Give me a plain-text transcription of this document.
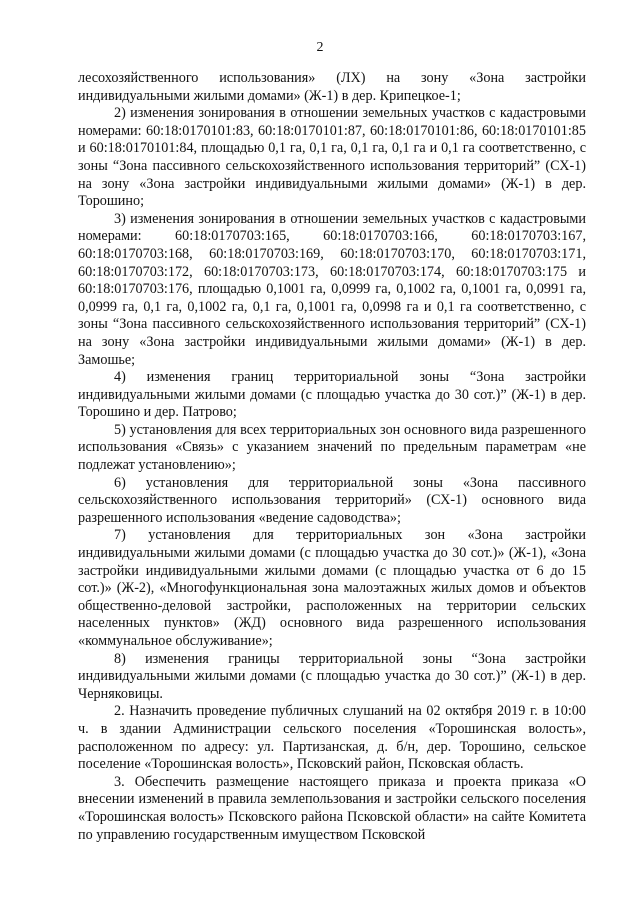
2

лесохозяйственного использования» (ЛХ) на зону «Зона застройки индивидуальными жилыми домами» (Ж-1) в дер. Крипецкое-1;

2) изменения зонирования в отношении земельных участков с кадастровыми номерами: 60:18:0170101:83, 60:18:0170101:87, 60:18:0170101:86, 60:18:0170101:85 и 60:18:0170101:84, площадью 0,1 га, 0,1 га, 0,1 га, 0,1 га и 0,1 га соответственно, с зоны “Зона пассивного сельскохозяйственного использования территорий” (СХ-1) на зону «Зона застройки индивидуальными жилыми домами» (Ж-1) в дер. Торошино;

3) изменения зонирования в отношении земельных участков с кадастровыми номерами: 60:18:0170703:165, 60:18:0170703:166, 60:18:0170703:167, 60:18:0170703:168, 60:18:0170703:169, 60:18:0170703:170, 60:18:0170703:171, 60:18:0170703:172, 60:18:0170703:173, 60:18:0170703:174, 60:18:0170703:175 и 60:18:0170703:176, площадью 0,1001 га, 0,0999 га, 0,1002 га, 0,1001 га, 0,0991 га, 0,0999 га, 0,1 га, 0,1002 га, 0,1 га, 0,1001 га, 0,0998 га и 0,1 га соответственно, с зоны “Зона пассивного сельскохозяйственного использования территорий” (СХ-1) на зону «Зона застройки индивидуальными жилыми домами» (Ж-1) в дер. Замошье;

4) изменения границ территориальной зоны “Зона застройки индивидуальными жилыми домами (с площадью участка до 30 сот.)” (Ж-1) в дер. Торошино и дер. Патрово;

5) установления для всех территориальных зон основного вида разрешенного использования «Связь» с указанием значений по предельным параметрам «не подлежат установлению»;

6) установления для территориальной зоны «Зона пассивного сельскохозяйственного использования территорий» (СХ-1) основного вида разрешенного использования «ведение садоводства»;

7) установления для территориальных зон «Зона застройки индивидуальными жилыми домами (с площадью участка до 30 сот.)» (Ж-1), «Зона застройки индивидуальными жилыми домами (с площадью участка от 6 до 15 сот.)» (Ж-2), «Многофункциональная зона малоэтажных жилых домов и объектов общественно-деловой застройки, расположенных на территории сельских населенных пунктов» (ЖД) основного вида разрешенного использования «коммунальное обслуживание»;

8) изменения границы территориальной зоны “Зона застройки индивидуальными жилыми домами (с площадью участка до 30 сот.)” (Ж-1) в дер. Черняковицы.

2. Назначить проведение публичных слушаний на 02 октября 2019 г. в 10:00 ч. в здании Администрации сельского поселения «Торошинская волость», расположенном по адресу: ул. Партизанская, д. б/н, дер. Торошино, сельское поселение «Торошинская волость», Псковский район, Псковская область.

3. Обеспечить размещение настоящего приказа и проекта приказа «О внесении изменений в правила землепользования и застройки сельского поселения «Торошинская волость» Псковского района Псковской области» на сайте Комитета по управлению государственным имуществом Псковской
